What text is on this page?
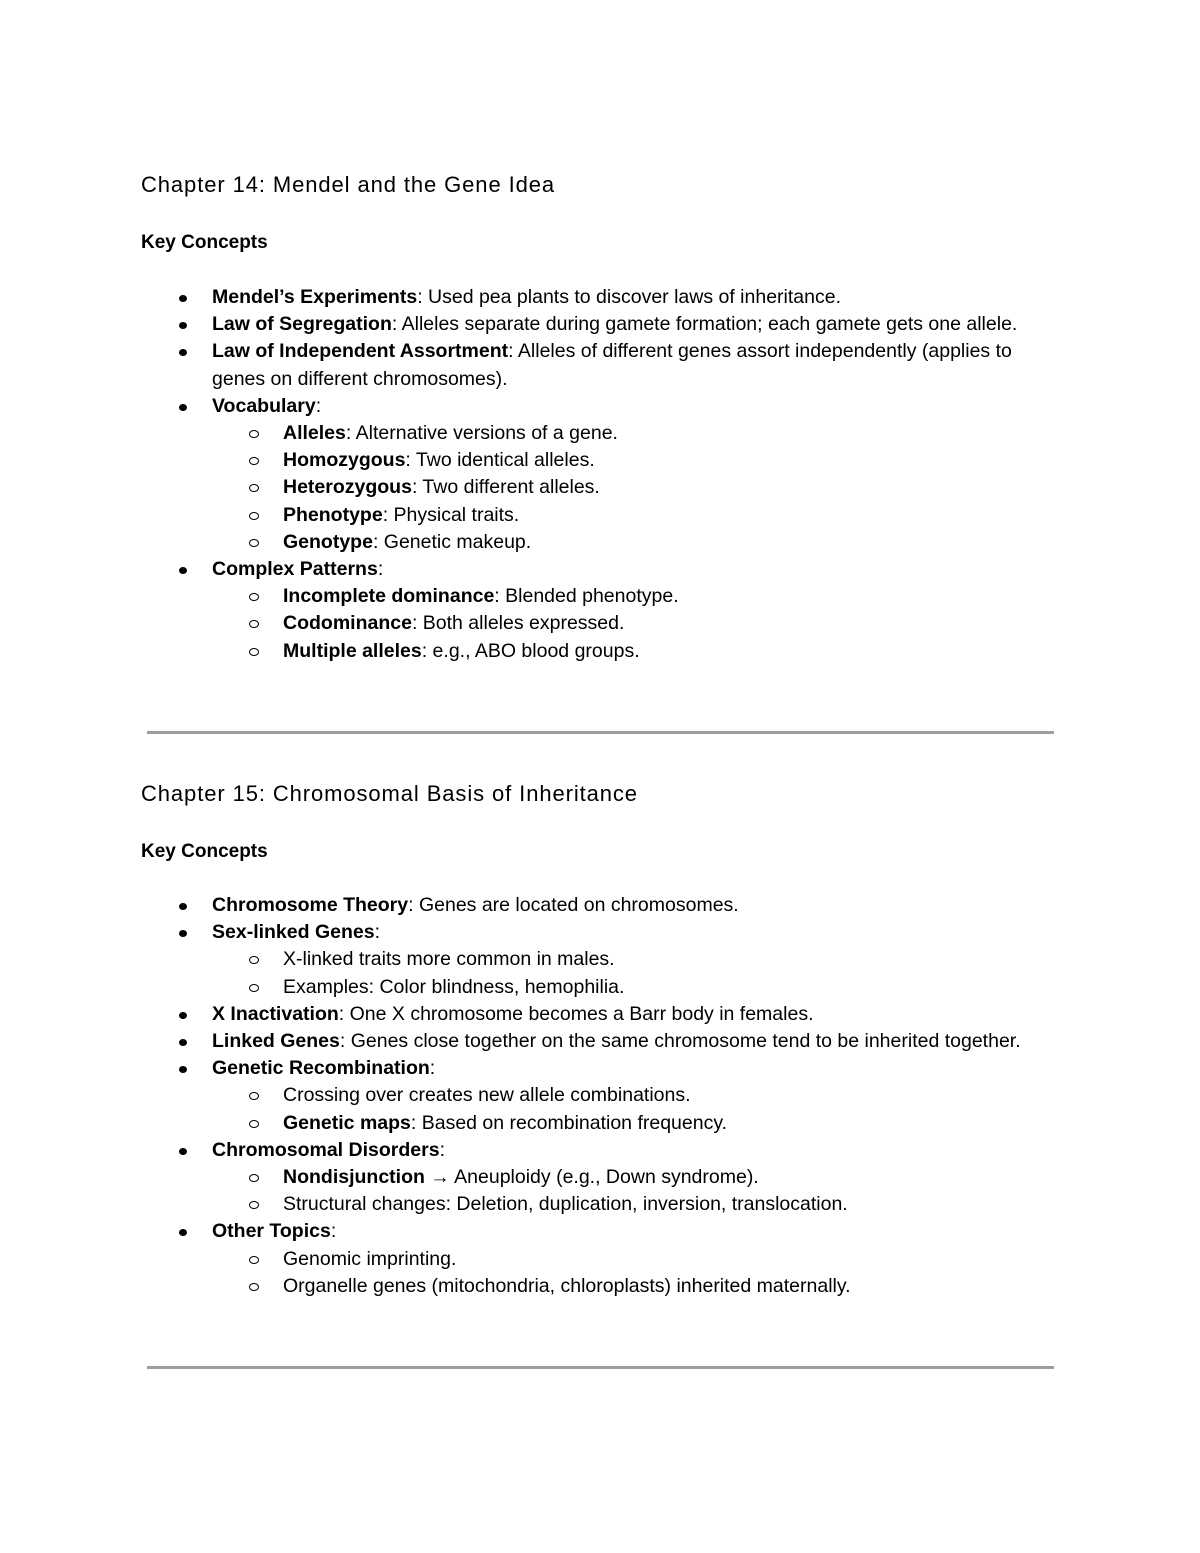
Chapter 14: Mendel and the Gene Idea
Key Concepts
Mendel’s Experiments: Used pea plants to discover laws of inheritance.
Law of Segregation: Alleles separate during gamete formation; each gamete gets one allele.
Law of Independent Assortment: Alleles of different genes assort independently (applies to genes on different chromosomes).
Vocabulary:
Alleles: Alternative versions of a gene.
Homozygous: Two identical alleles.
Heterozygous: Two different alleles.
Phenotype: Physical traits.
Genotype: Genetic makeup.
Complex Patterns:
Incomplete dominance: Blended phenotype.
Codominance: Both alleles expressed.
Multiple alleles: e.g., ABO blood groups.
Chapter 15: Chromosomal Basis of Inheritance
Key Concepts
Chromosome Theory: Genes are located on chromosomes.
Sex-linked Genes:
X-linked traits more common in males.
Examples: Color blindness, hemophilia.
X Inactivation: One X chromosome becomes a Barr body in females.
Linked Genes: Genes close together on the same chromosome tend to be inherited together.
Genetic Recombination:
Crossing over creates new allele combinations.
Genetic maps: Based on recombination frequency.
Chromosomal Disorders:
Nondisjunction → Aneuploidy (e.g., Down syndrome).
Structural changes: Deletion, duplication, inversion, translocation.
Other Topics:
Genomic imprinting.
Organelle genes (mitochondria, chloroplasts) inherited maternally.
